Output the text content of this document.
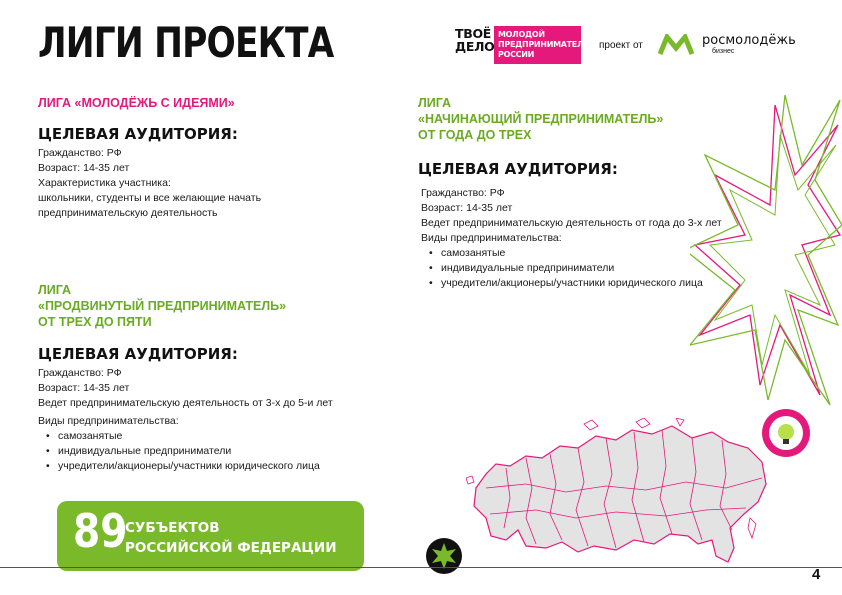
ЛИГИ ПРОЕКТА	ТВОЁ
ДЕЛО
МОЛОДОЙ
ПРЕДПРИНИМАТЕЛЬ
РОССИИ
проект от	росмолодёжь
бизнес
ЛИГА «МОЛОДЁЖЬ С ИДЕЯМИ»
ЦЕЛЕВАЯ АУДИТОРИЯ:
Гражданство: РФ
Возраст: 14-35 лет
Характеристика участника:
школьники, студенты и все желающие начать
предпринимательскую деятельность
ЛИГА
«НАЧИНАЮЩИЙ ПРЕДПРИНИМАТЕЛЬ»
ОТ ГОДА ДО ТРЕХ
ЦЕЛЕВАЯ АУДИТОРИЯ:
Гражданство: РФ
Возраст: 14-35 лет
Ведет предпринимательскую деятельность от года до 3-х лет
Виды предпринимательства:
• самозанятые
• индивидуальные предприниматели
• учредители/акционеры/участники юридического лица
ЛИГА
«ПРОДВИНУТЫЙ ПРЕДПРИНИМАТЕЛЬ»
ОТ ТРЕХ ДО ПЯТИ
ЦЕЛЕВАЯ АУДИТОРИЯ:
Гражданство: РФ
Возраст: 14-35 лет
Ведет предпринимательскую деятельность от 3-х до 5-и лет
Виды предпринимательства:
• самозанятые
• индивидуальные предприниматели
• учредители/акционеры/участники юридического лица
89
СУБЪЕКТОВ
РОССИЙСКОЙ ФЕДЕРАЦИИ
4
